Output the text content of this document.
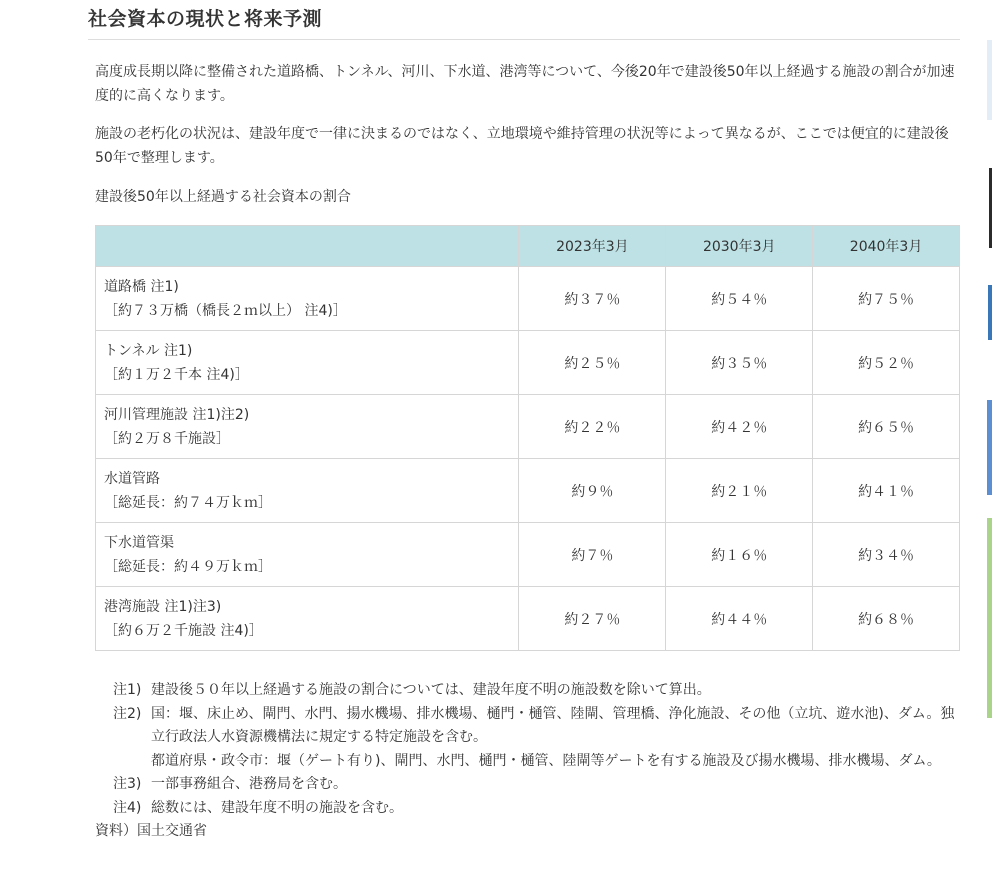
社会資本の現状と将来予測

高度成長期以降に整備された道路橋、トンネル、河川、下水道、港湾等について、今後20年で建設後50年以上経過する施設の割合が加速度的に高くなります。

施設の老朽化の状況は、建設年度で一律に決まるのではなく、立地環境や維持管理の状況等によって異なるが、ここでは便宜的に建設後50年で整理します。

建設後50年以上経過する社会資本の割合
	2023年3月	2030年3月	2040年3月

道路橋 注1)
［約７３万橋（橋長２ｍ以上） 注4)］	約３７％	約５４％	約７５％

トンネル 注1)
［約１万２千本 注4)］	約２５％	約３５％	約５２％

河川管理施設 注1)注2)
［約２万８千施設］	約２２％	約４２％	約６５％

水道管路
［総延長：約７４万ｋｍ］	約９％	約２１％	約４１％

下水道管渠
［総延長：約４９万ｋｍ］	約７％	約１６％	約３４％

港湾施設 注1)注3)
［約６万２千施設 注4)］	約２７％	約４４％	約６８％
注1) 建設後５０年以上経過する施設の割合については、建設年度不明の施設数を除いて算出。

注2) 国：堰、床止め、閘門、水門、揚水機場、排水機場、樋門・樋管、陸閘、管理橋、浄化施設、その他（立坑、遊水池)、ダム。独立行政法人水資源機構法に規定する特定施設を含む。

都道府県・政令市：堰（ゲート有り)、閘門、水門、樋門・樋管、陸閘等ゲートを有する施設及び揚水機場、排水機場、ダム。

注3) 一部事務組合、港務局を含む。

注4) 総数には、建設年度不明の施設を含む。

資料）国土交通省
